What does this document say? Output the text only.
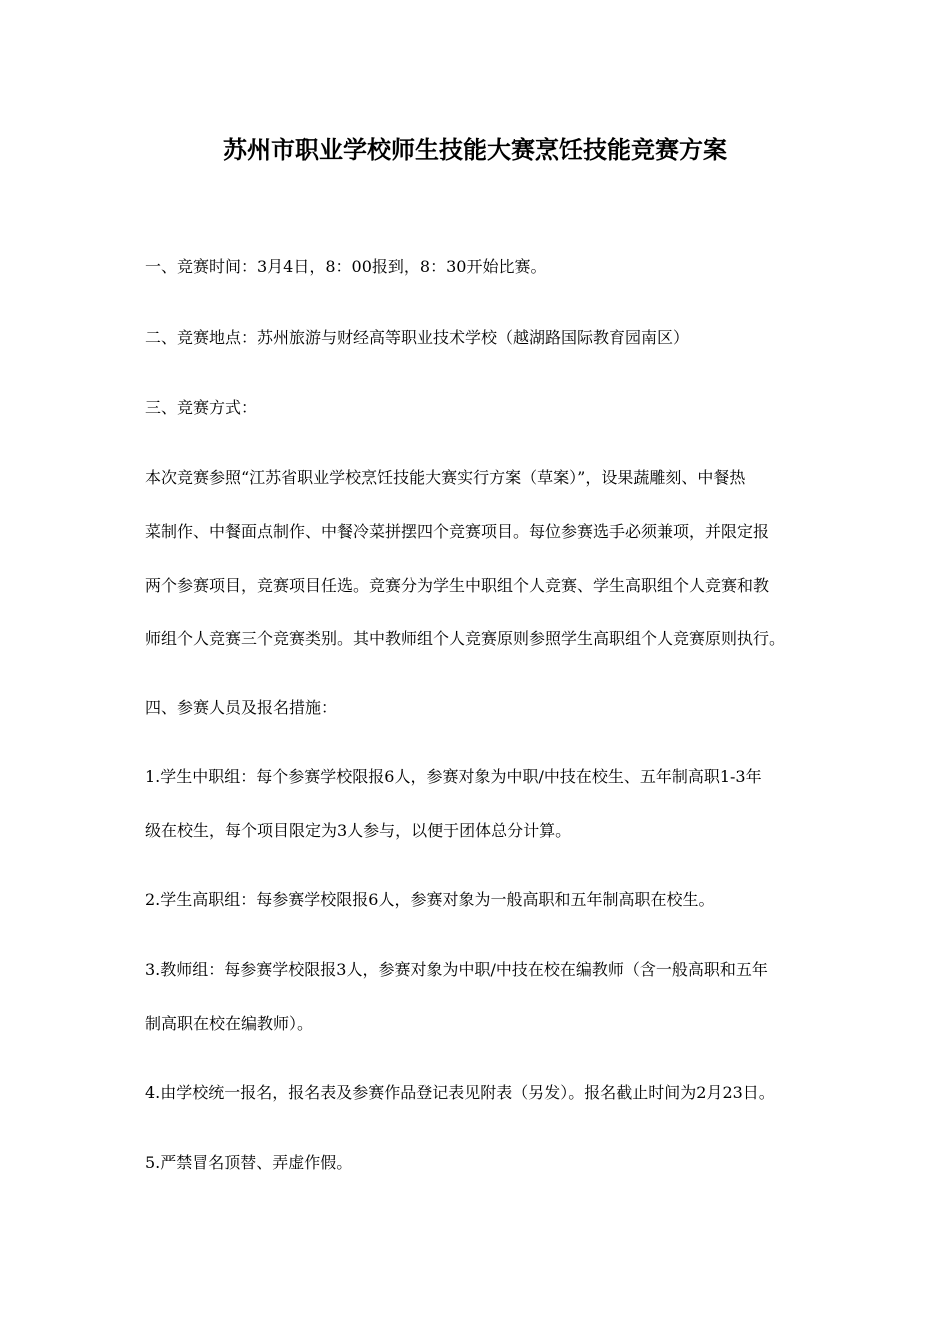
苏州市职业学校师生技能大赛烹饪技能竞赛方案
一、竞赛时间：3月4日，8：00报到，8：30开始比赛。
二、竞赛地点：苏州旅游与财经高等职业技术学校（越湖路国际教育园南区）
三、竞赛方式：
本次竞赛参照“江苏省职业学校烹饪技能大赛实行方案（草案）”，设果蔬雕刻、中餐热
菜制作、中餐面点制作、中餐冷菜拼摆四个竞赛项目。每位参赛选手必须兼项，并限定报
两个参赛项目，竞赛项目任选。竞赛分为学生中职组个人竞赛、学生高职组个人竞赛和教
师组个人竞赛三个竞赛类别。其中教师组个人竞赛原则参照学生高职组个人竞赛原则执行。
四、参赛人员及报名措施：
1.学生中职组：每个参赛学校限报6人，参赛对象为中职/中技在校生、五年制高职1-3年
级在校生，每个项目限定为3人参与，以便于团体总分计算。
2.学生高职组：每参赛学校限报6人，参赛对象为一般高职和五年制高职在校生。
3.教师组：每参赛学校限报3人，参赛对象为中职/中技在校在编教师（含一般高职和五年
制高职在校在编教师）。
4.由学校统一报名，报名表及参赛作品登记表见附表（另发）。报名截止时间为2月23日。
5.严禁冒名顶替、弄虚作假。
